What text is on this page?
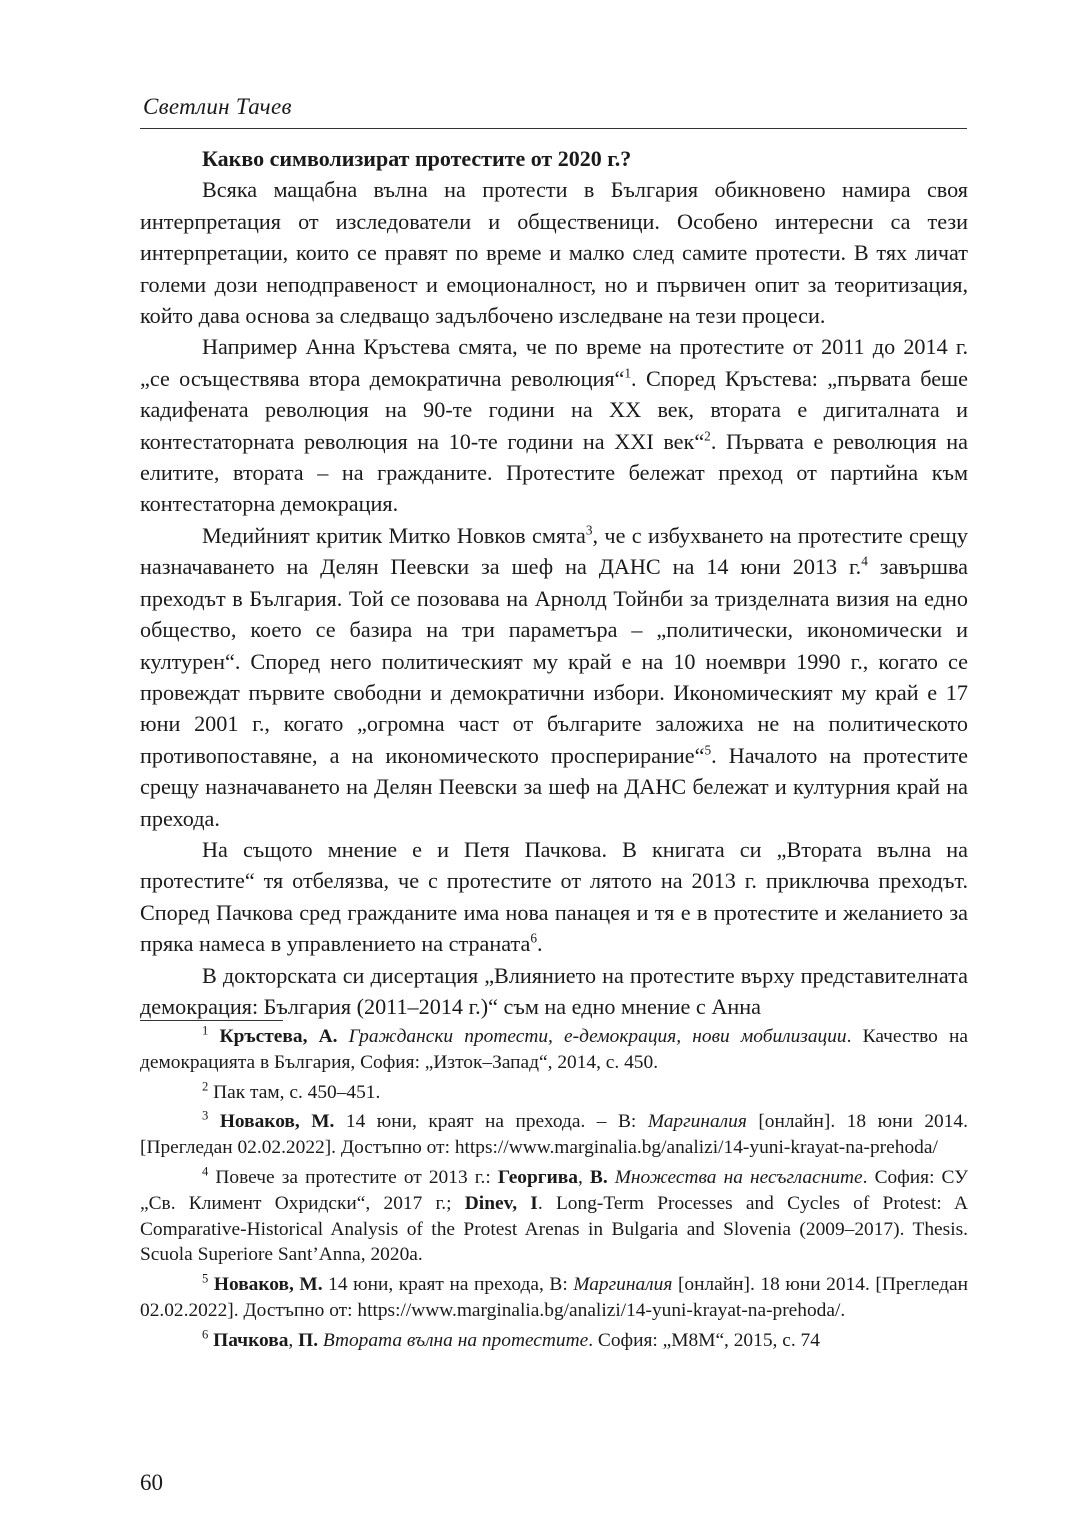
Светлин Тачев
Какво символизират протестите от 2020 г.?

Всяка мащабна вълна на протести в България обикновено намира своя интерпретация от изследователи и общественици. Особено интересни са тези интерпретации, които се правят по време и малко след самите протести. В тях личат големи дози неподправеност и емоционалност, но и първичен опит за теоритизация, който дава основа за следващо задълбочено изследване на тези процеси.

Например Анна Кръстева смята, че по време на протестите от 2011 до 2014 г. „се осъществява втора демократична революция“$^1$. Според Кръстева: „първата беше кадифената революция на 90-те години на ХХ век, втората е дигиталната и контестаторната революция на 10-те години на ХХІ век“$^2$. Първата е революция на елитите, втората – на гражданите. Протестите бележат преход от партийна към контестаторна демокрация.

Медийният критик Митко Новков смята$^3$, че с избухването на протестите срещу назначаването на Делян Пеевски за шеф на ДАНС на 14 юни 2013 г.$^4$ завършва преходът в България. Той се позовава на Арнолд Тойнби за тризделната визия на едно общество, което се базира на три параметъра – „политически, икономически и културен“. Според него политическият му край е на 10 ноември 1990 г., когато се провеждат първите свободни и демократични избори. Икономическият му край е 17 юни 2001 г., когато „огромна част от българите заложиха не на политическото противопоставяне, а на икономическото просперирание“$^5$. Началото на протестите срещу назначаването на Делян Пеевски за шеф на ДАНС бележат и културния край на прехода.

На същото мнение е и Петя Пачкова. В книгата си „Втората вълна на протестите“ тя отбелязва, че с протестите от лятото на 2013 г. приключва преходът. Според Пачкова сред гражданите има нова панацея и тя е в протестите и желанието за пряка намеса в управлението на страната$^6$.

В докторската си дисертация „Влиянието на протестите върху представителната демокрация: България (2011–2014 г.)“ съм на едно мнение с Анна

$^1$ Кръстева, А. Граждански протести, е-демокрация, нови мобилизации. Качество на демокрацията в България, София: „Изток–Запад“, 2014, с. 450.

$^2$ Пак там, с. 450–451.

$^3$ Новаков, М. 14 юни, краят на прехода. – В: Маргиналия [онлайн]. 18 юни 2014. [Прегледан 02.02.2022]. Достъпно от: https://www.marginalia.bg/analizi/14-yuni-krayat-na-prehoda/

$^4$ Повече за протестите от 2013 г.: Георгива, В. Множества на несъгласните. София: СУ „Св. Климент Охридски“, 2017 г.; Dinev, I. Long-Term Processes and Cycles of Protest: A Comparative-Historical Analysis of the Protest Arenas in Bulgaria and Slovenia (2009–2017). Thesis. Scuola Superiore Sant’Anna, 2020a.

$^5$ Новаков, М. 14 юни, краят на прехода, В: Маргиналия [онлайн]. 18 юни 2014. [Прегледан 02.02.2022]. Достъпно от: https://www.marginalia.bg/analizi/14-yuni-krayat-na-prehoda/.

$^6$ Пачкова, П. Втората вълна на протестите. София: „М8М“, 2015, с. 74

60
